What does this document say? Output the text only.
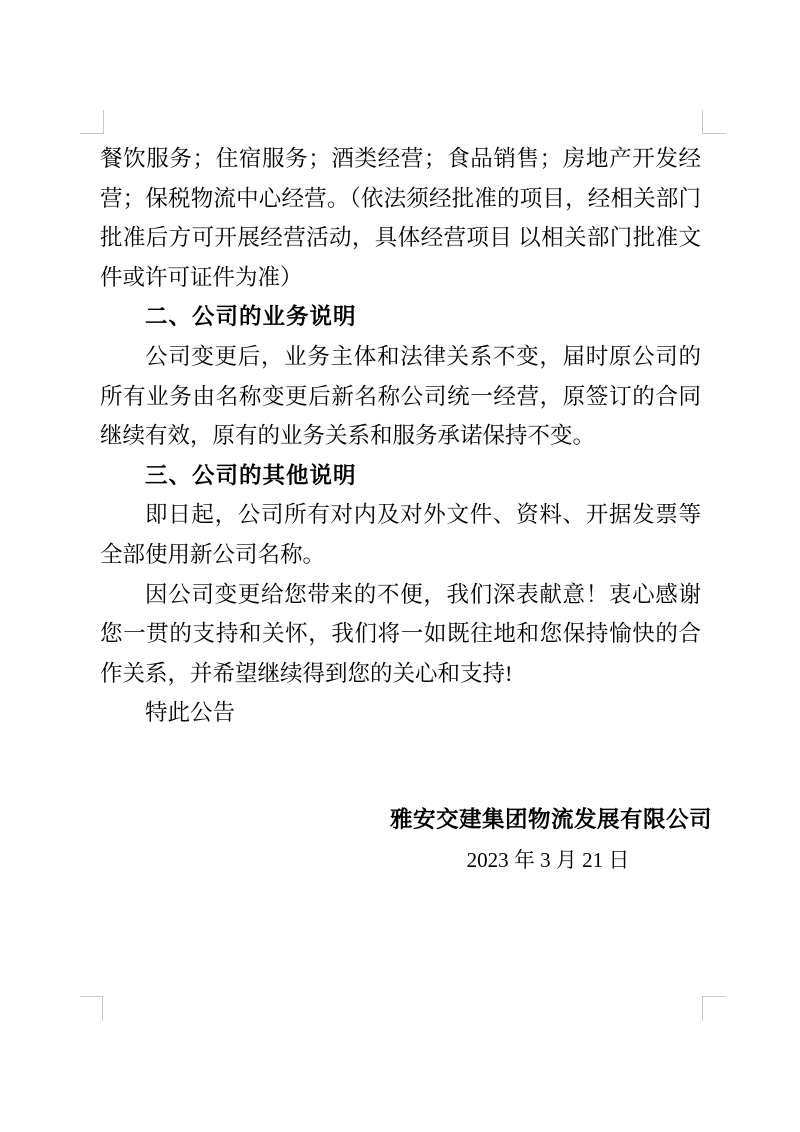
餐饮服务；住宿服务；酒类经营；食品销售；房地产开发经营；保税物流中心经营。（依法须经批准的项目，经相关部门批准后方可开展经营活动，具体经营项目 以相关部门批准文件或许可证件为准）

二、公司的业务说明

公司变更后，业务主体和法律关系不变，届时原公司的所有业务由名称变更后新名称公司统一经营，原签订的合同继续有效，原有的业务关系和服务承诺保持不变。

三、公司的其他说明

即日起，公司所有对内及对外文件、资料、开据发票等全部使用新公司名称。

因公司变更给您带来的不便，我们深表献意！衷心感谢您一贯的支持和关怀，我们将一如既往地和您保持愉快的合作关系，并希望继续得到您的关心和支持!

特此公告

雅安交建集团物流发展有限公司
2023 年 3 月 21 日
